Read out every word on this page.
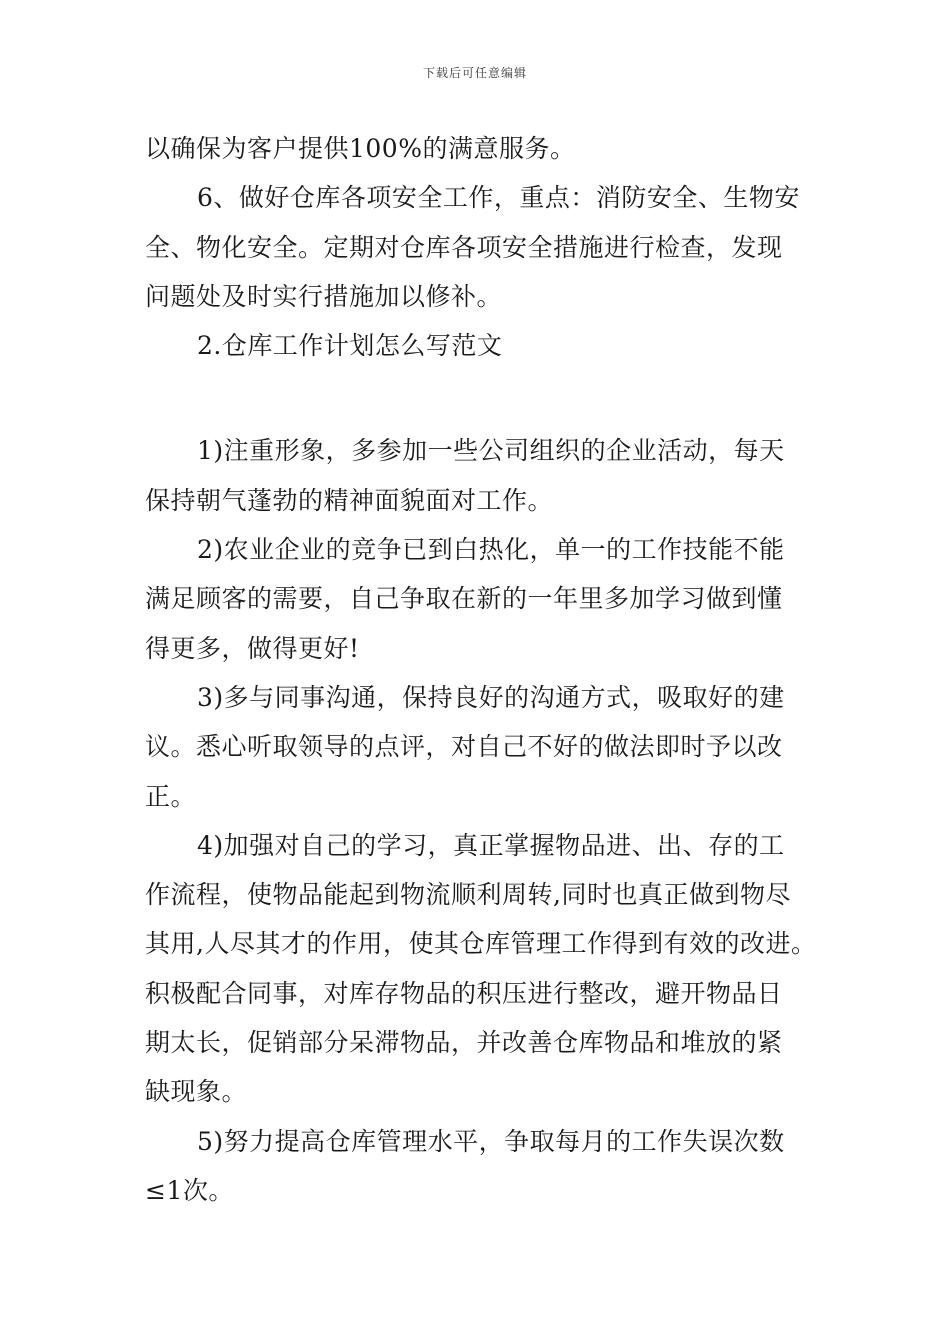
下载后可任意编辑
以确保为客户提供100%的满意服务。
6、做好仓库各项安全工作，重点：消防安全、生物安
全、物化安全。定期对仓库各项安全措施进行检查，发现
问题处及时实行措施加以修补。
2.仓库工作计划怎么写范文
1)注重形象，多参加一些公司组织的企业活动，每天
保持朝气蓬勃的精神面貌面对工作。
2)农业企业的竞争已到白热化，单一的工作技能不能
满足顾客的需要，自己争取在新的一年里多加学习做到懂
得更多，做得更好!
3)多与同事沟通，保持良好的沟通方式，吸取好的建
议。悉心听取领导的点评，对自己不好的做法即时予以改
正。
4)加强对自己的学习，真正掌握物品进、出、存的工
作流程，使物品能起到物流顺利周转,同时也真正做到物尽
其用,人尽其才的作用，使其仓库管理工作得到有效的改进。
积极配合同事，对库存物品的积压进行整改，避开物品日
期太长，促销部分呆滞物品，并改善仓库物品和堆放的紧
缺现象。
5)努力提高仓库管理水平，争取每月的工作失误次数
≤1次。
